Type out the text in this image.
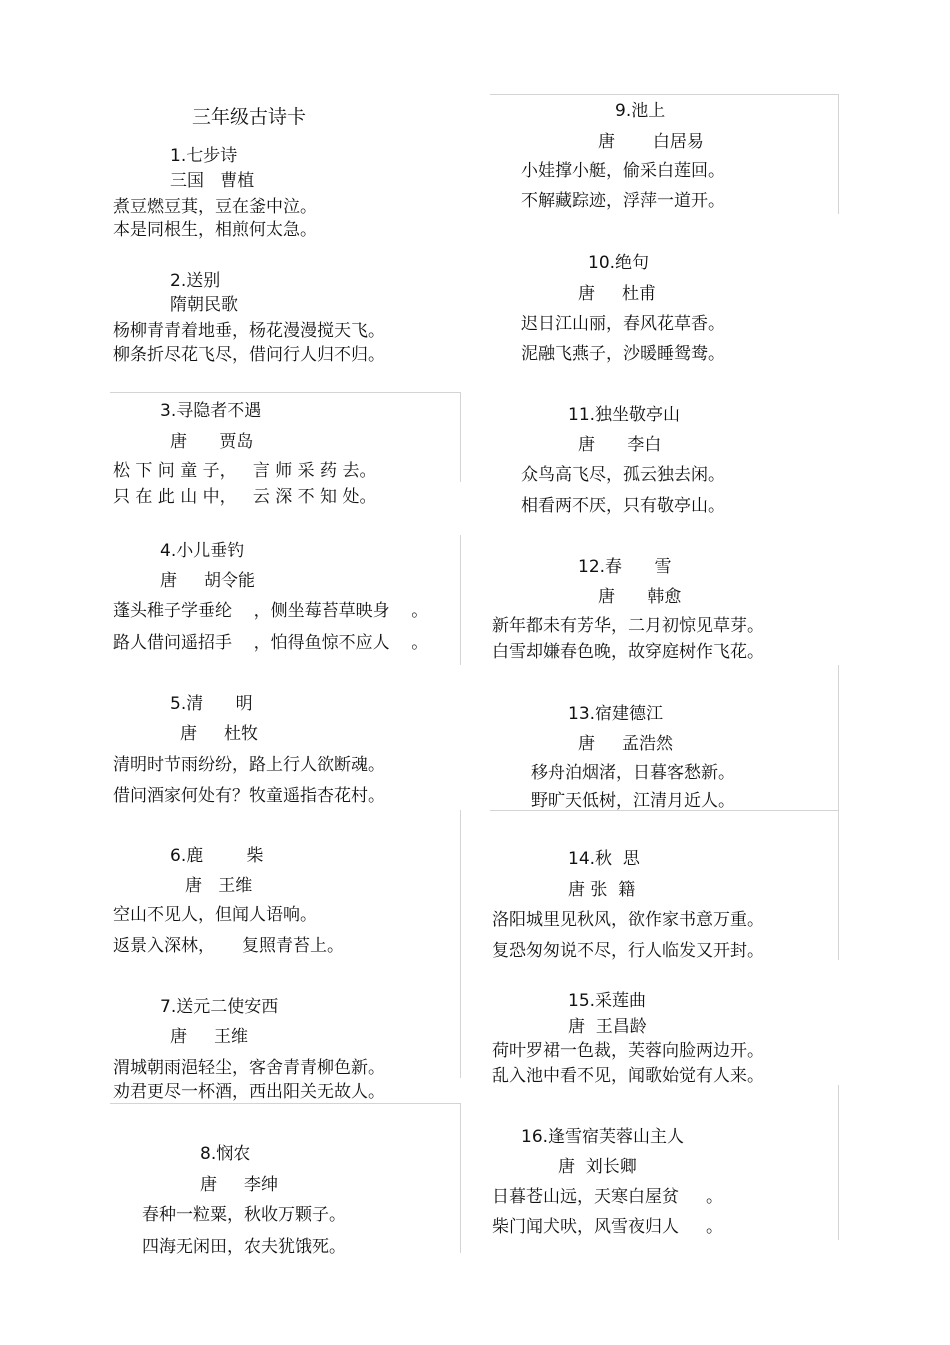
三年级古诗卡
1.七步诗
三国   曹植
煮豆燃豆萁，豆在釜中泣。
本是同根生，相煎何太急。
2.送别
隋朝民歌
杨柳青青着地垂，杨花漫漫搅天飞。
柳条折尽花飞尽，借问行人归不归。
3.寻隐者不遇
唐      贾岛
松 下 问 童 子，   言 师 采 药 去。
只 在 此 山 中，   云 深 不 知 处。
4.小儿垂钓
唐     胡令能
蓬头稚子学垂纶    ，侧坐莓苔草映身    。
路人借问遥招手    ，怕得鱼惊不应人    。
5.清      明
唐     杜牧
清明时节雨纷纷，路上行人欲断魂。
借问酒家何处有？牧童遥指杏花村。
6.鹿        柴
唐   王维
空山不见人，但闻人语响。
返景入深林，     复照青苔上。
7.送元二使安西
唐     王维
渭城朝雨浥轻尘，客舍青青柳色新。
劝君更尽一杯酒，西出阳关无故人。
8.悯农
唐     李绅
春种一粒粟，秋收万颗子。
四海无闲田，农夫犹饿死。
9.池上
唐       白居易
小娃撑小艇，偷采白莲回。
不解藏踪迹，浮萍一道开。
10.绝句
唐     杜甫
迟日江山丽，春风花草香。
泥融飞燕子，沙暖睡鸳鸯。
11.独坐敬亭山
唐      李白
众鸟高飞尽，孤云独去闲。
相看两不厌，只有敬亭山。
12.春      雪
唐      韩愈
新年都未有芳华，二月初惊见草芽。
白雪却嫌春色晚，故穿庭树作飞花。
13.宿建德江
唐     孟浩然
移舟泊烟渚，日暮客愁新。
野旷天低树，江清月近人。
14.秋  思
唐 张  籍
洛阳城里见秋风，欲作家书意万重。
复恐匆匆说不尽，行人临发又开封。
15.采莲曲
唐  王昌龄
荷叶罗裙一色裁，芙蓉向脸两边开。
乱入池中看不见，闻歌始觉有人来。
16.逢雪宿芙蓉山主人
唐  刘长卿
日暮苍山远，天寒白屋贫     。
柴门闻犬吠，风雪夜归人     。
